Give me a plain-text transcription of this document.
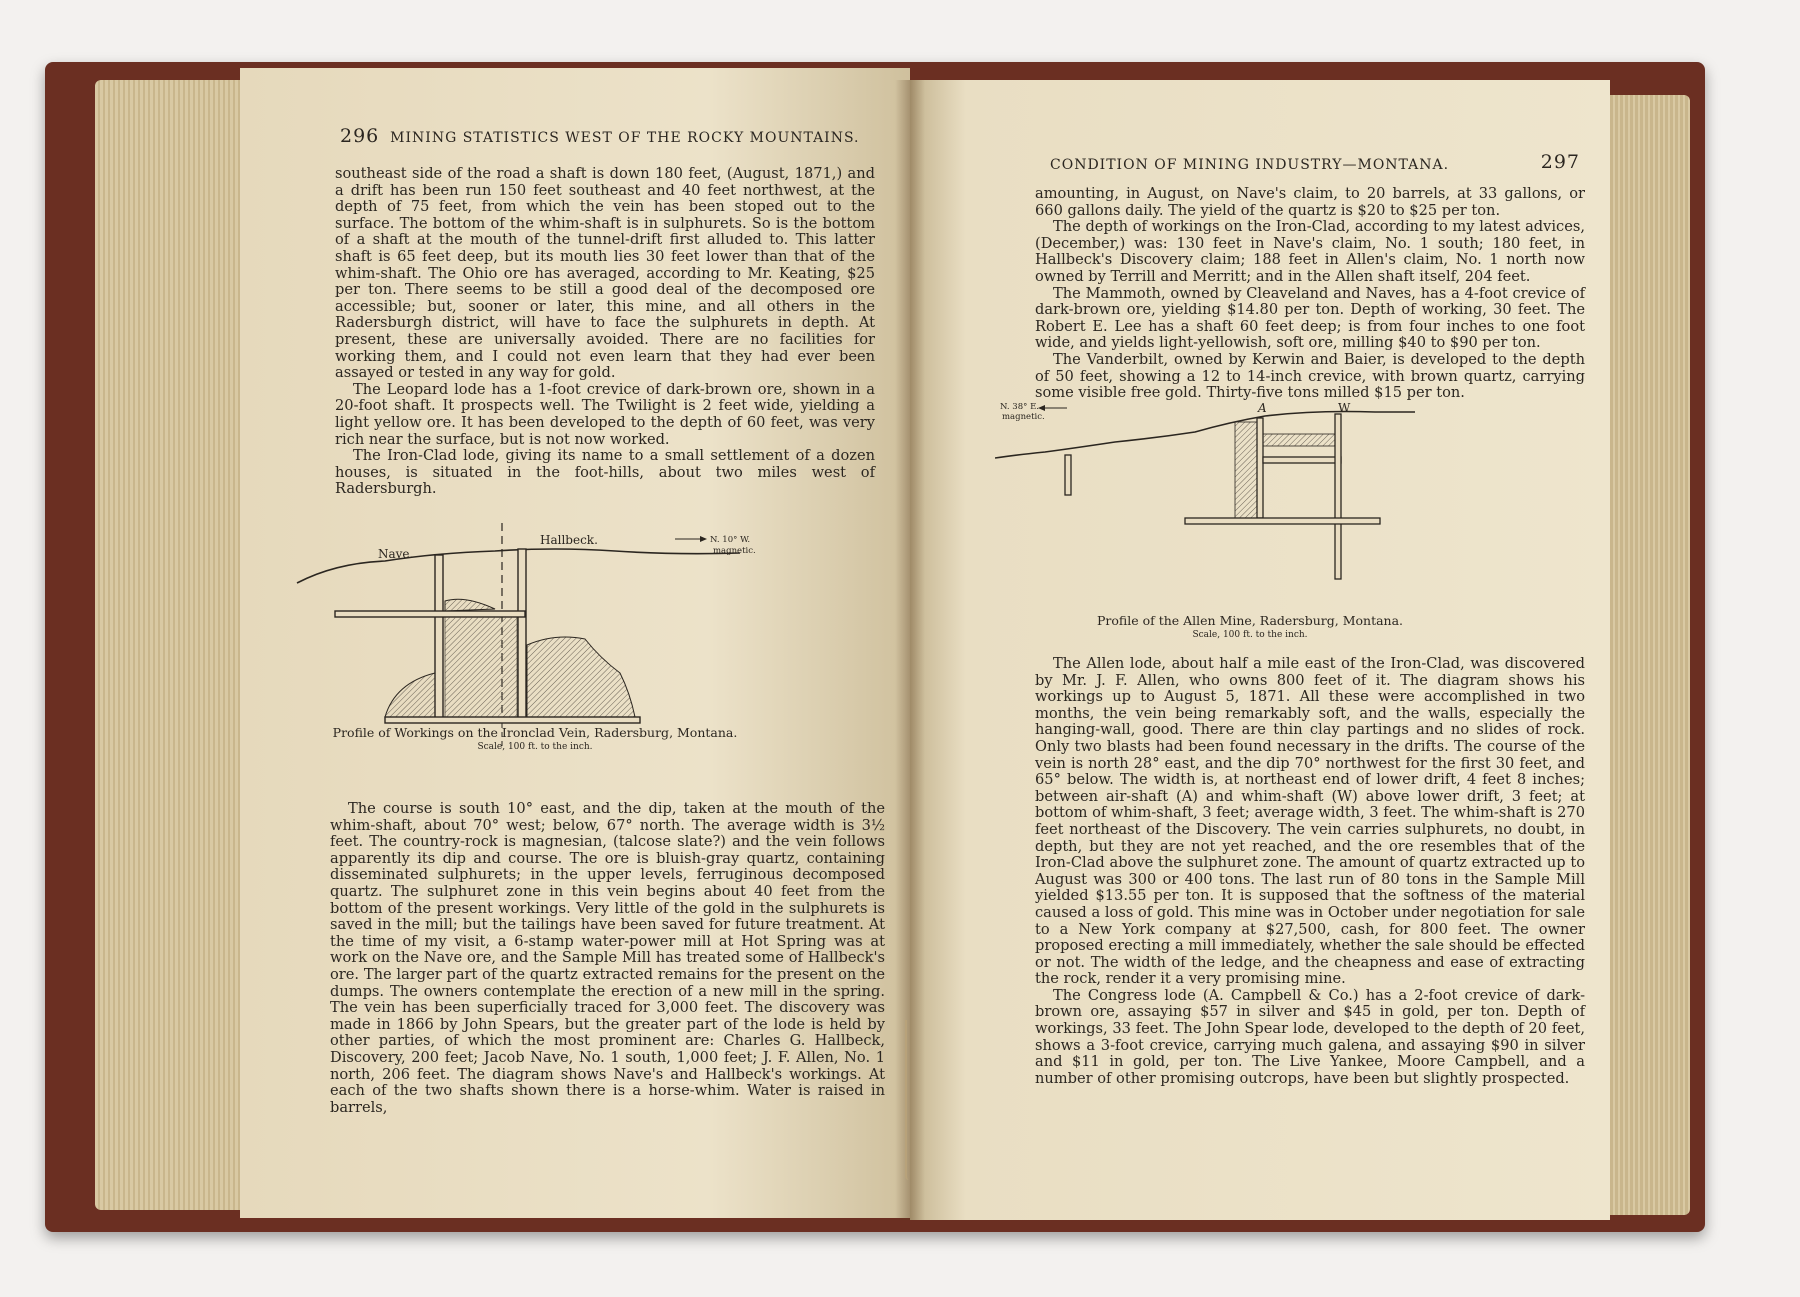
296 MINING STATISTICS WEST OF THE ROCKY MOUNTAINS.

southeast side of the road a shaft is down 180 feet, (August, 1871,) and a drift has been run 150 feet southeast and 40 feet northwest, at the depth of 75 feet, from which the vein has been stoped out to the surface. The bottom of the whim-shaft is in sulphurets. So is the bottom of a shaft at the mouth of the tunnel-drift first alluded to. This latter shaft is 65 feet deep, but its mouth lies 30 feet lower than that of the whim-shaft. The Ohio ore has averaged, according to Mr. Keating, $25 per ton. There seems to be still a good deal of the decomposed ore accessible; but, sooner or later, this mine, and all others in the Radersburgh district, will have to face the sulphurets in depth. At present, these are universally avoided. There are no facilities for working them, and I could not even learn that they had ever been assayed or tested in any way for gold.

The Leopard lode has a 1-foot crevice of dark-brown ore, shown in a 20-foot shaft. It prospects well. The Twilight is 2 feet wide, yielding a light yellow ore. It has been developed to the depth of 60 feet, was very rich near the surface, but is not now worked.

The Iron-Clad lode, giving its name to a small settlement of a dozen houses, is situated in the foot-hills, about two miles west of Radersburgh.

Nave.
Hallbeck.	N. 10° W.
magnetic.
Profile of Workings on the Ironclad Vein, Radersburg, Montana.
Scale, 100 ft. to the inch.

The course is south 10° east, and the dip, taken at the mouth of the whim-shaft, about 70° west; below, 67° north. The average width is 3½ feet. The country-rock is magnesian, (talcose slate?) and the vein follows apparently its dip and course. The ore is bluish-gray quartz, containing disseminated sulphurets; in the upper levels, ferruginous decomposed quartz. The sulphuret zone in this vein begins about 40 feet from the bottom of the present workings. Very little of the gold in the sulphurets is saved in the mill; but the tailings have been saved for future treatment. At the time of my visit, a 6-stamp water-power mill at Hot Spring was at work on the Nave ore, and the Sample Mill has treated some of Hallbeck's ore. The larger part of the quartz extracted remains for the present on the dumps. The owners contemplate the erection of a new mill in the spring. The vein has been superficially traced for 3,000 feet. The discovery was made in 1866 by John Spears, but the greater part of the lode is held by other parties, of which the most prominent are: Charles G. Hallbeck, Discovery, 200 feet; Jacob Nave, No. 1 south, 1,000 feet; J. F. Allen, No. 1 north, 206 feet. The diagram shows Nave's and Hallbeck's workings. At each of the two shafts shown there is a horse-whim. Water is raised in barrels,

CONDITION OF MINING INDUSTRY—MONTANA.	297

amounting, in August, on Nave's claim, to 20 barrels, at 33 gallons, or 660 gallons daily. The yield of the quartz is $20 to $25 per ton.

The depth of workings on the Iron-Clad, according to my latest advices, (December,) was: 130 feet in Nave's claim, No. 1 south; 180 feet, in Hallbeck's Discovery claim; 188 feet in Allen's claim, No. 1 north now owned by Terrill and Merritt; and in the Allen shaft itself, 204 feet.

The Mammoth, owned by Cleaveland and Naves, has a 4-foot crevice of dark-brown ore, yielding $14.80 per ton. Depth of working, 30 feet. The Robert E. Lee has a shaft 60 feet deep; is from four inches to one foot wide, and yields light-yellowish, soft ore, milling $40 to $90 per ton.

The Vanderbilt, owned by Kerwin and Baier, is developed to the depth of 50 feet, showing a 12 to 14-inch crevice, with brown quartz, carrying some visible free gold. Thirty-five tons milled $15 per ton.

N. 38° E.
magnetic.
A	W
Profile of the Allen Mine, Radersburg, Montana.
Scale, 100 ft. to the inch.

The Allen lode, about half a mile east of the Iron-Clad, was discovered by Mr. J. F. Allen, who owns 800 feet of it. The diagram shows his workings up to August 5, 1871. All these were accomplished in two months, the vein being remarkably soft, and the walls, especially the hanging-wall, good. There are thin clay partings and no slides of rock. Only two blasts had been found necessary in the drifts. The course of the vein is north 28° east, and the dip 70° northwest for the first 30 feet, and 65° below. The width is, at northeast end of lower drift, 4 feet 8 inches; between air-shaft (A) and whim-shaft (W) above lower drift, 3 feet; at bottom of whim-shaft, 3 feet; average width, 3 feet. The whim-shaft is 270 feet northeast of the Discovery. The vein carries sulphurets, no doubt, in depth, but they are not yet reached, and the ore resembles that of the Iron-Clad above the sulphuret zone. The amount of quartz extracted up to August was 300 or 400 tons. The last run of 80 tons in the Sample Mill yielded $13.55 per ton. It is supposed that the softness of the material caused a loss of gold. This mine was in October under negotiation for sale to a New York company at $27,500, cash, for 800 feet. The owner proposed erecting a mill immediately, whether the sale should be effected or not. The width of the ledge, and the cheapness and ease of extracting the rock, render it a very promising mine.

The Congress lode (A. Campbell & Co.) has a 2-foot crevice of dark-brown ore, assaying $57 in silver and $45 in gold, per ton. Depth of workings, 33 feet. The John Spear lode, developed to the depth of 20 feet, shows a 3-foot crevice, carrying much galena, and assaying $90 in silver and $11 in gold, per ton. The Live Yankee, Moore Campbell, and a number of other promising outcrops, have been but slightly prospected.
